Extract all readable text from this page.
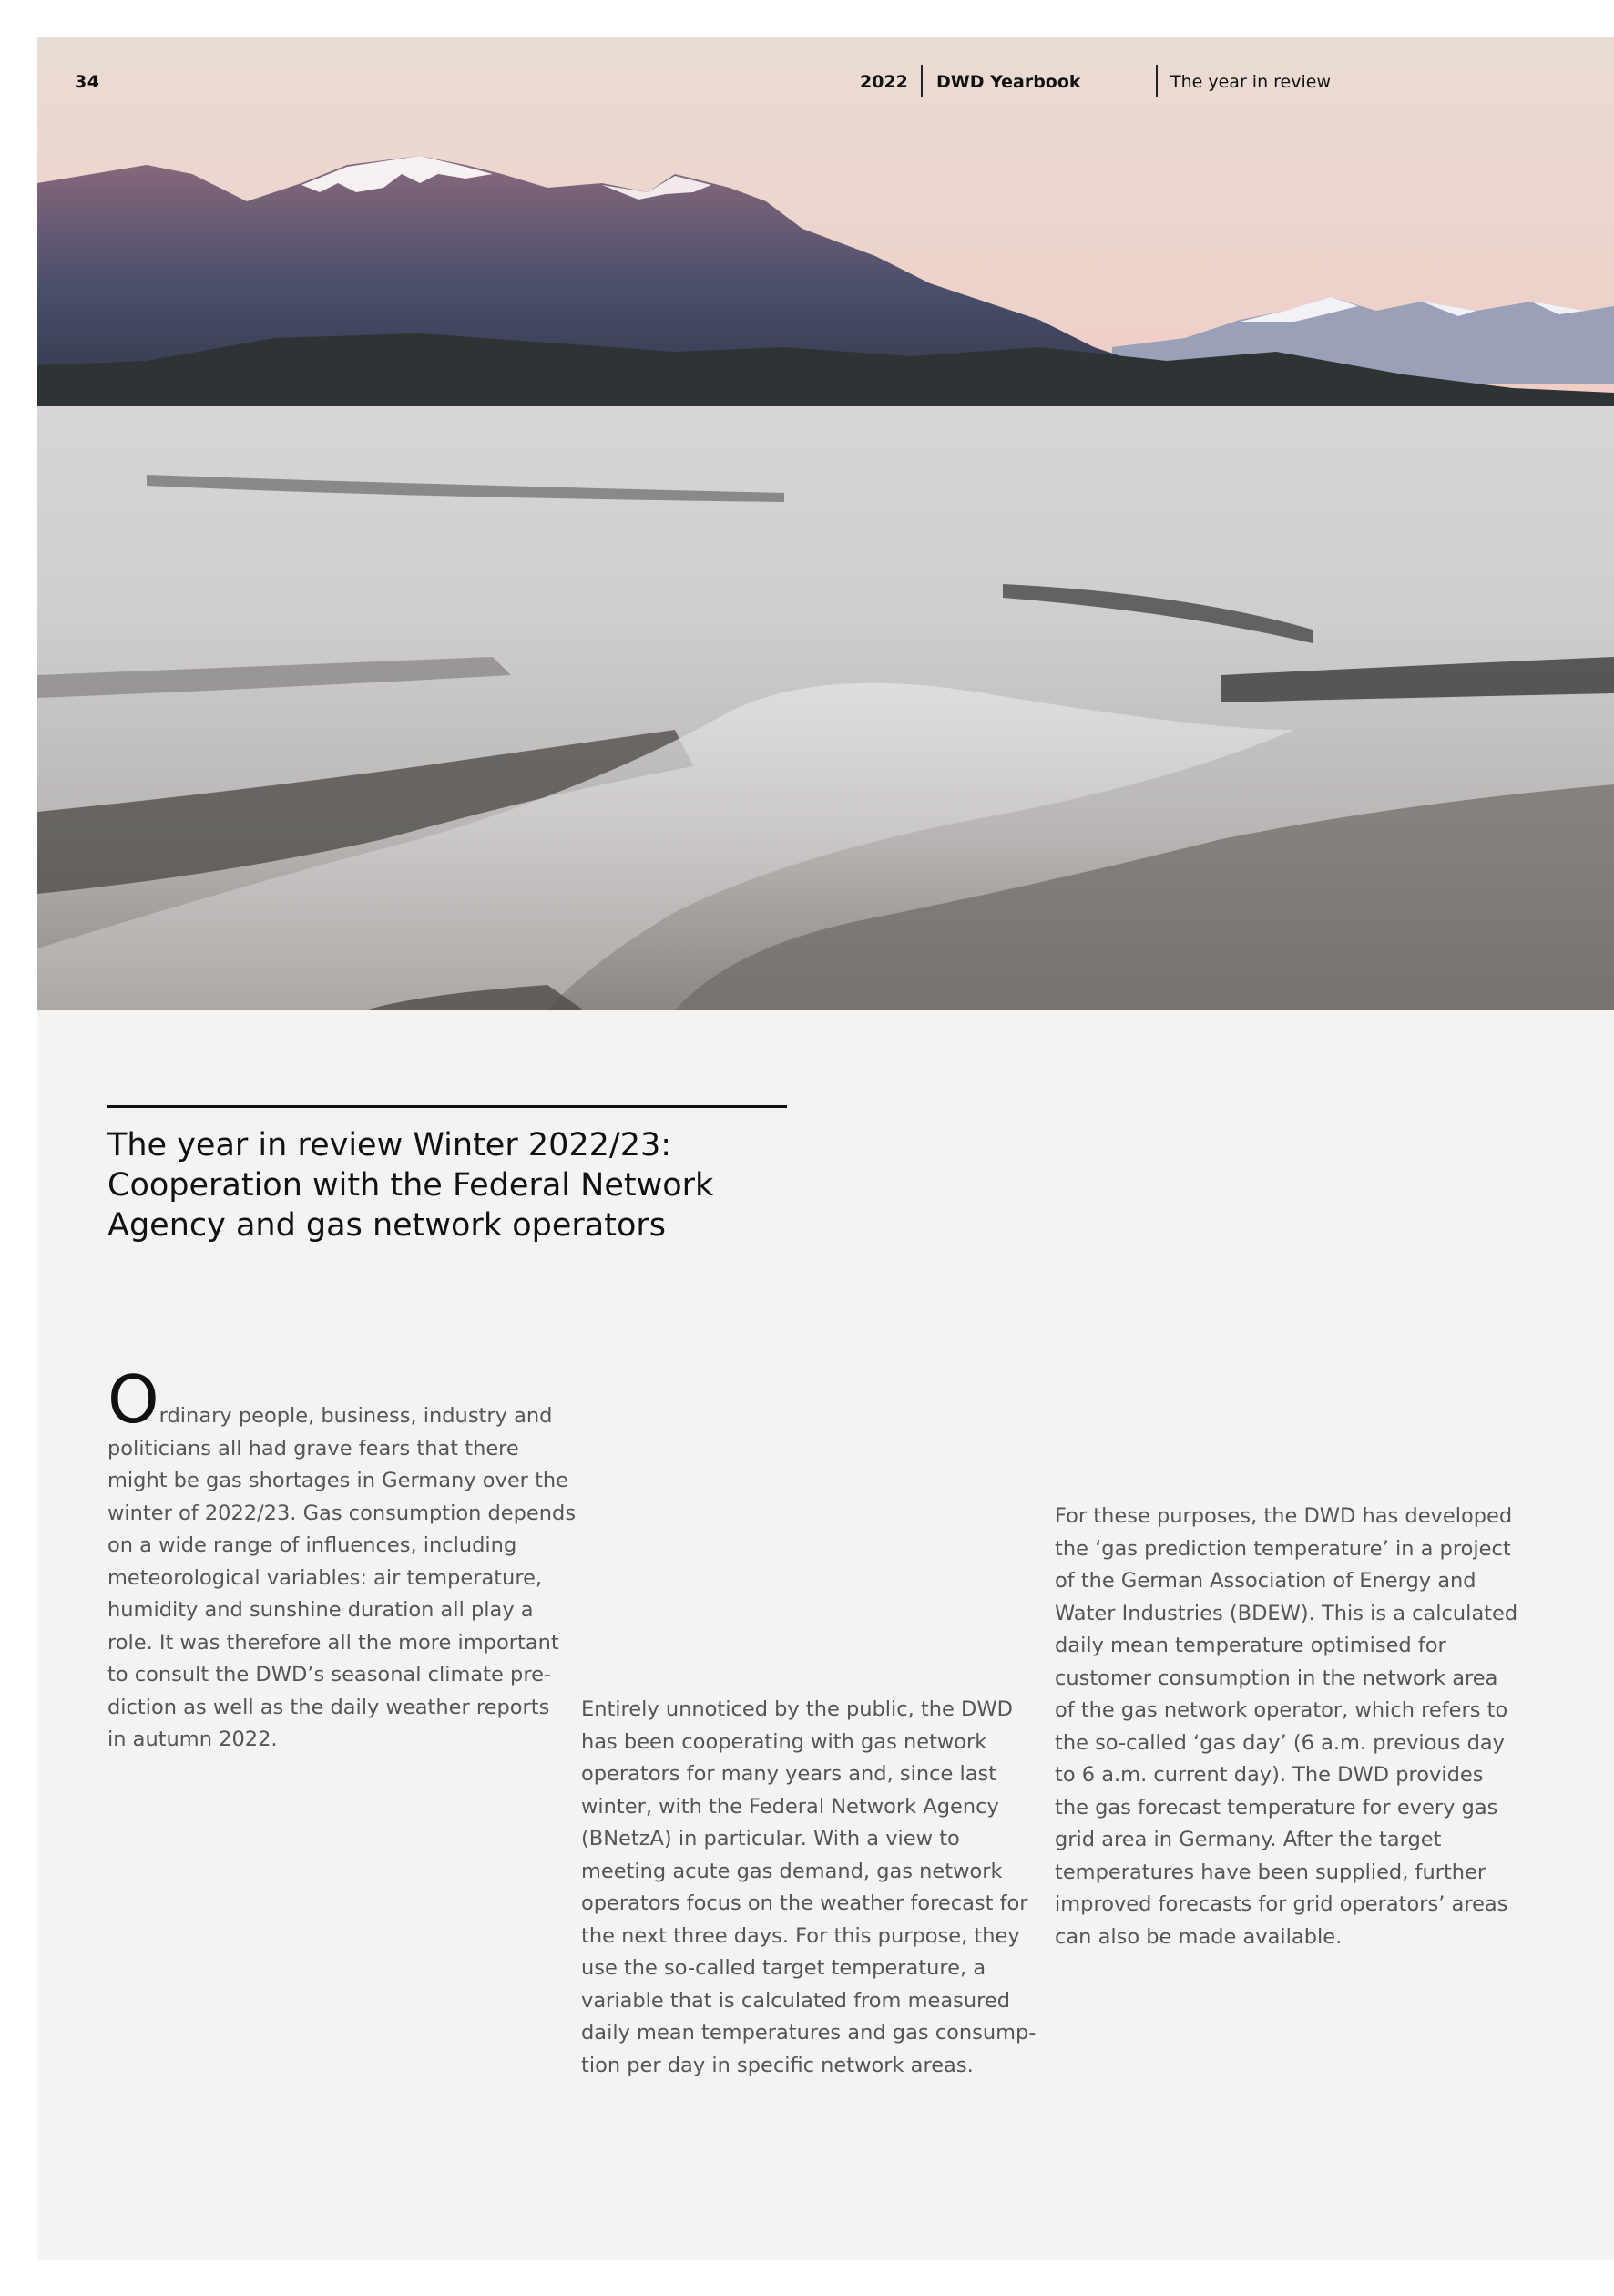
34	2022 DWD Yearbook	The year in review
The year in review Winter 2022/23:
Cooperation with the Federal Network
Agency and gas network operators
Ordinary people, business, industry and
politicians all had grave fears that there
might be gas shortages in Germany over the
winter of 2022/23. Gas consumption depends
on a wide range of influences, including
meteorological variables: air temperature,
humidity and sunshine duration all play a
role. It was therefore all the more important
to consult the DWD’s seasonal climate pre-
diction as well as the daily weather reports
in autumn 2022.
Entirely unnoticed by the public, the DWD
has been cooperating with gas network
operators for many years and, since last
winter, with the Federal Network Agency
(BNetzA) in particular. With a view to
meeting acute gas demand, gas network
operators focus on the weather forecast for
the next three days. For this purpose, they
use the so-called target temperature, a
variable that is calculated from measured
daily mean temperatures and gas consump-
tion per day in specific network areas.
For these purposes, the DWD has developed
the ‘gas prediction temperature’ in a project
of the German Association of Energy and
Water Industries (BDEW). This is a calculated
daily mean temperature optimised for
customer consumption in the network area
of the gas network operator, which refers to
the so-called ‘gas day’ (6 a.m. previous day
to 6 a.m. current day). The DWD provides
the gas forecast temperature for every gas
grid area in Germany. After the target
temperatures have been supplied, further
improved forecasts for grid operators’ areas
can also be made available.
